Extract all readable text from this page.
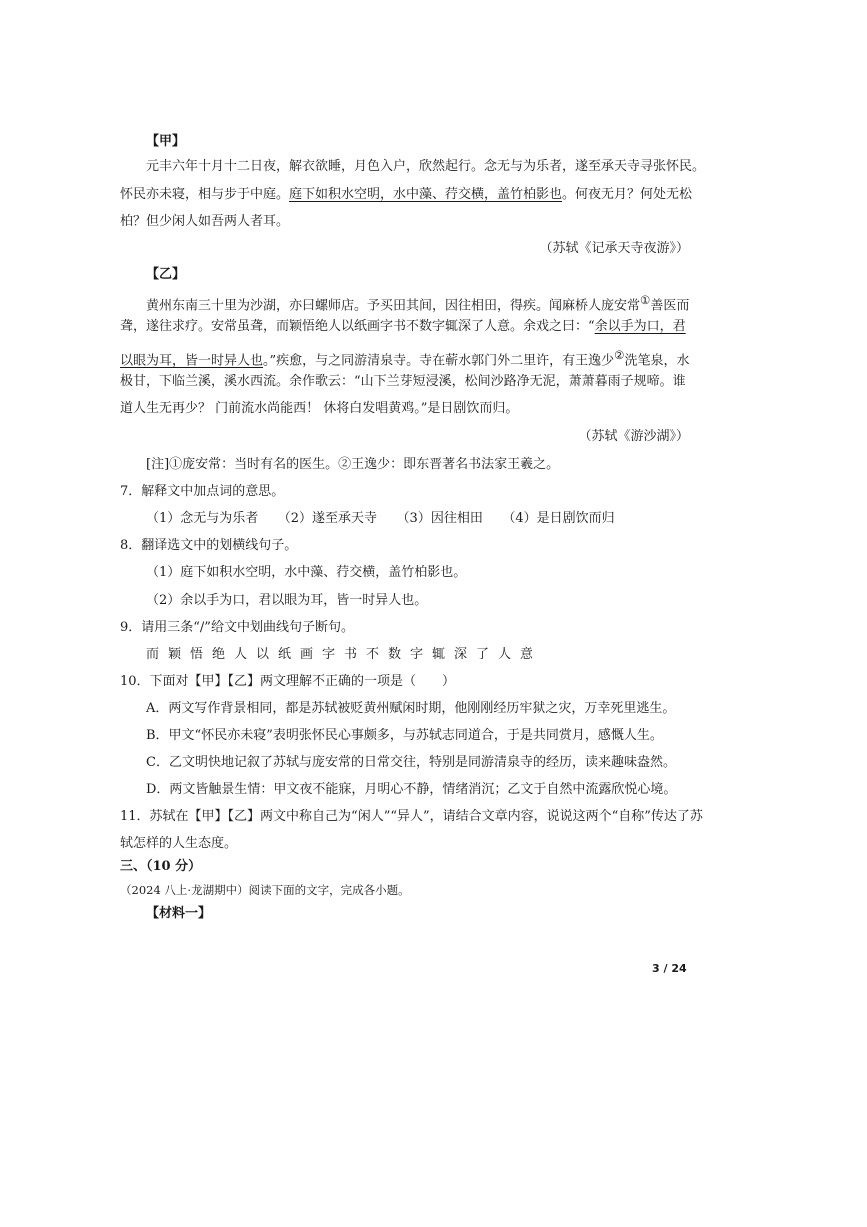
【甲】
元丰六年十月十二日夜，解衣欲睡，月色入户，欣然起行。念无与为乐者，遂至承天寺寻张怀民。
怀民亦未寝，相与步于中庭。庭下如积水空明，水中藻、荇交横，盖竹柏影也。何夜无月？何处无松
柏？但少闲人如吾两人者耳。
（苏轼《记承天寺夜游》）
【乙】
黄州东南三十里为沙湖，亦曰螺师店。予买田其间，因往相田，得疾。闻麻桥人庞安常①善医而
聋，遂往求疗。安常虽聋，而颖悟绝人以纸画字书不数字辄深了人意。余戏之曰：“余以手为口，君
以眼为耳，皆一时异人也。”疾愈，与之同游清泉寺。寺在蕲水郭门外二里许，有王逸少②洗笔泉，水
极甘，下临兰溪，溪水西流。余作歌云：“山下兰芽短浸溪，松间沙路净无泥，萧萧暮雨子规啼。谁
道人生无再少？ 门前流水尚能西！ 休将白发唱黄鸡。”是日剧饮而归。
（苏轼《游沙湖》）
[注]①庞安常：当时有名的医生。②王逸少：即东晋著名书法家王羲之。
7．解释文中加点词的意思。
（1）念无与为乐者　　（2）遂至承天寺　　（3）因往相田　　（4）是日剧饮而归
8．翻译选文中的划横线句子。
（1）庭下如积水空明，水中藻、荇交横，盖竹柏影也。
（2）余以手为口，君以眼为耳，皆一时异人也。
9．请用三条“/”给文中划曲线句子断句。
而颖悟绝人以纸画字书不数字辄深了人意
10．下面对【甲】【乙】两文理解不正确的一项是（　　）
A．两文写作背景相同，都是苏轼被贬黄州赋闲时期，他刚刚经历牢狱之灾，万幸死里逃生。
B．甲文“怀民亦未寝”表明张怀民心事颇多，与苏轼志同道合，于是共同赏月，感慨人生。
C．乙文明快地记叙了苏轼与庞安常的日常交往，特别是同游清泉寺的经历，读来趣味盎然。
D．两文皆触景生情：甲文夜不能寐，月明心不静，情绪消沉；乙文于自然中流露欣悦心境。
11．苏轼在【甲】【乙】两文中称自己为“闲人”“异人”，请结合文章内容，说说这两个“自称”传达了苏
轼怎样的人生态度。
三、（10 分）
（2024 八上·龙湖期中）阅读下面的文字，完成各小题。
【材料一】
3 / 24
